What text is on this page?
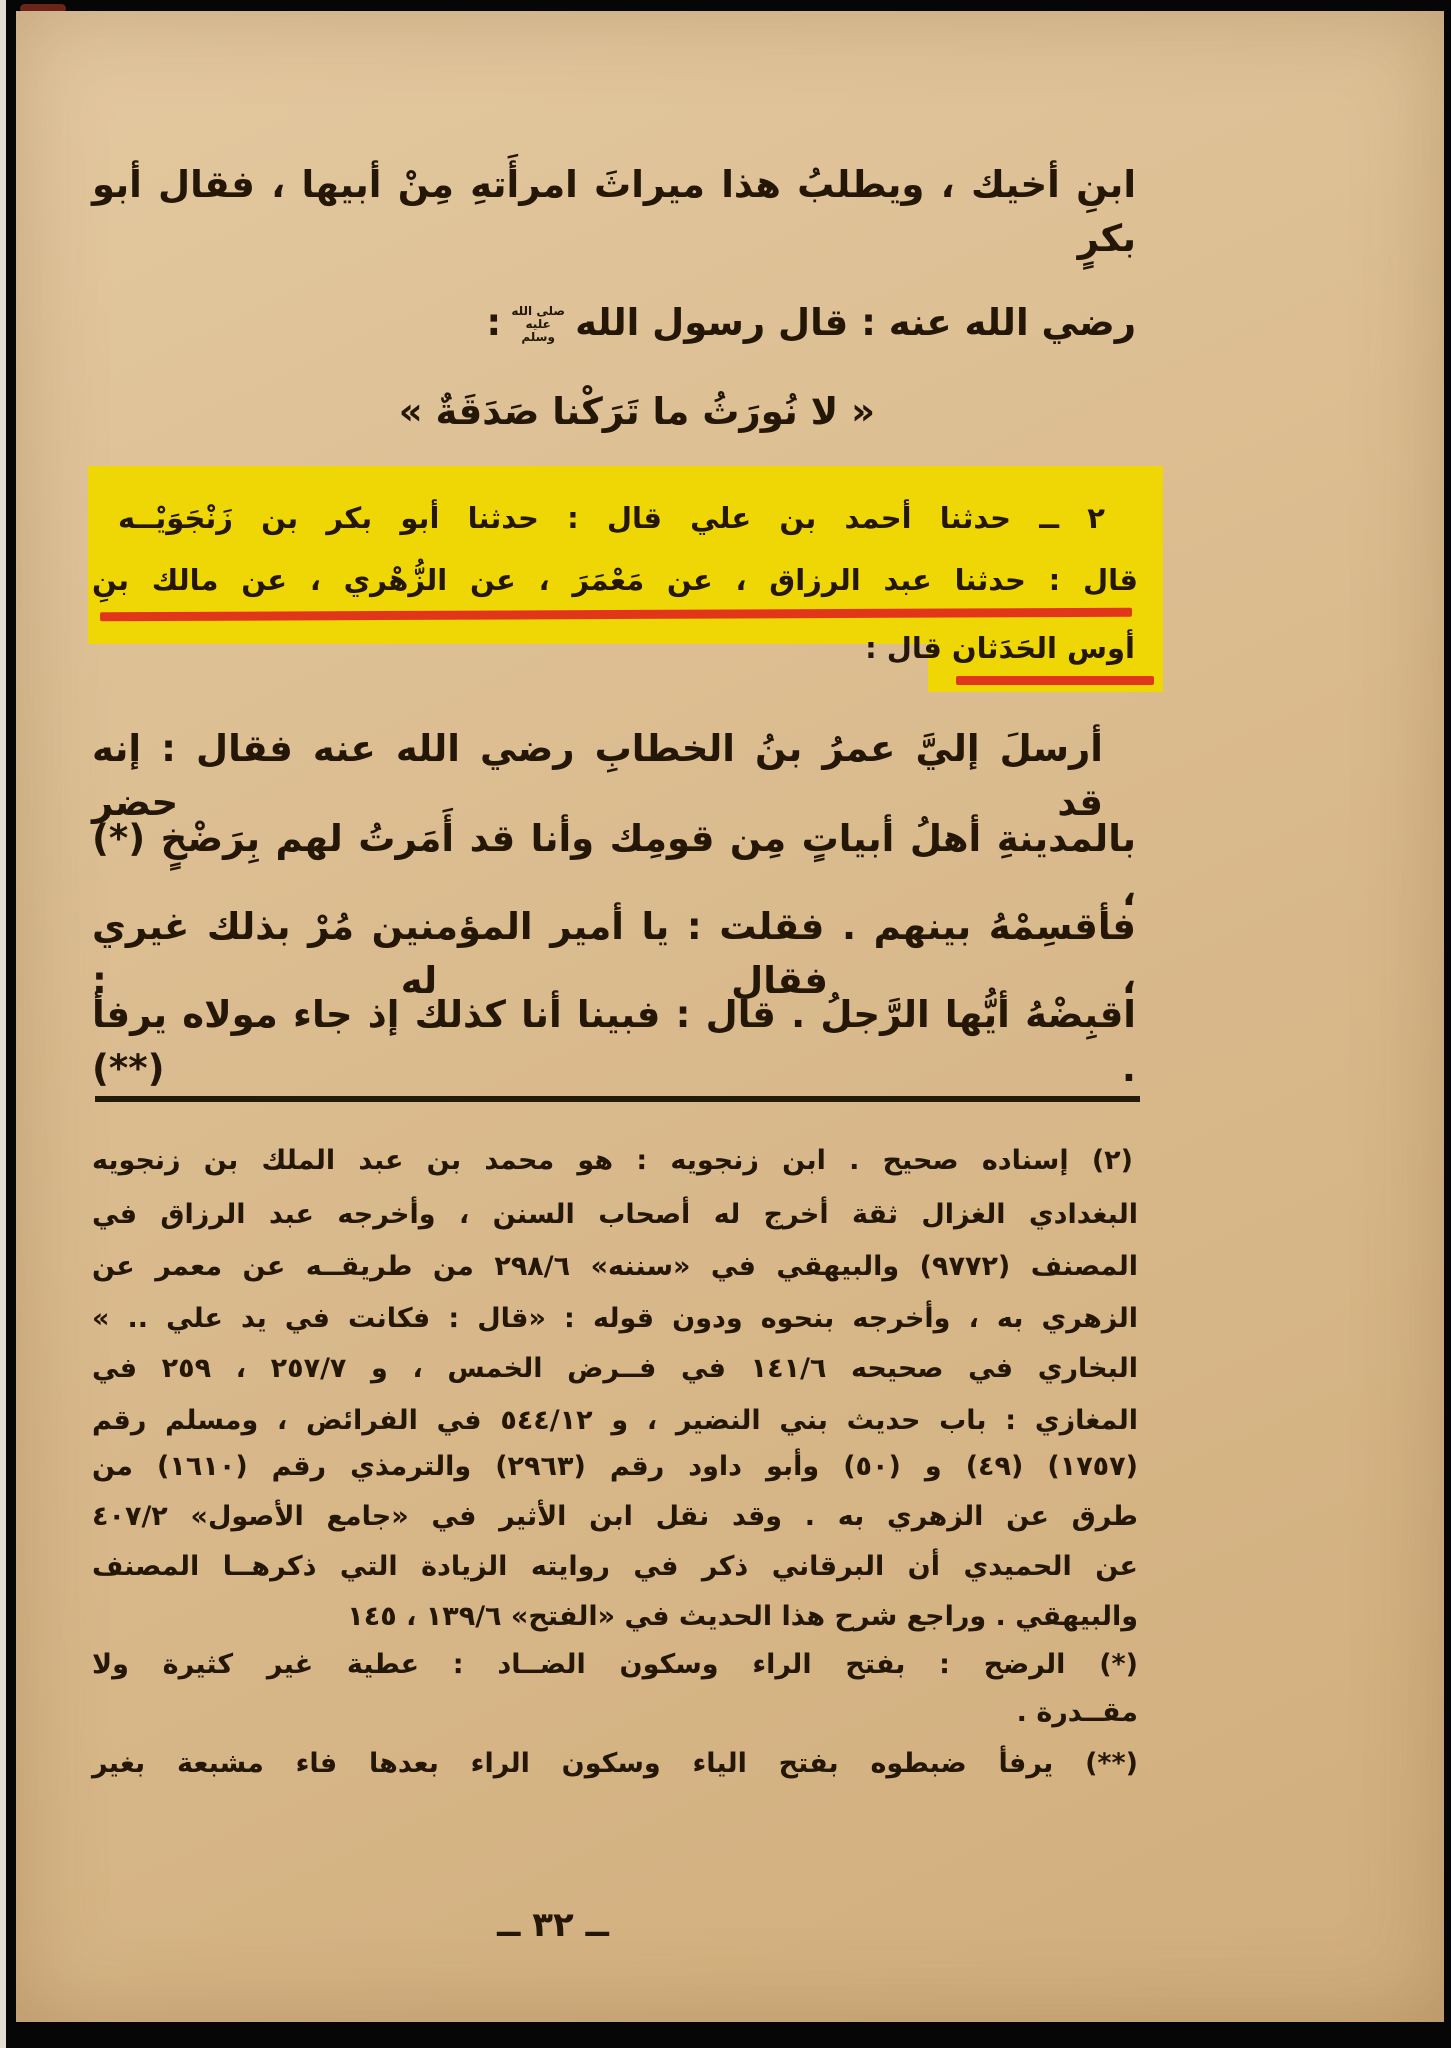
ابنِ أخيك ، ويطلبُ هذا ميراثَ امرأَتهِ مِنْ أبيها ، فقال أبو بكرٍ
رضي الله عنه : قال رسول اللهصلى الله عليه وسلم:
« لا نُورَثُ ما تَرَكْنا صَدَقَةٌ »
٢ ــ حدثنا أحمد بن علي قال : حدثنا أبو بكر بن زَنْجَوَيْــه
قال : حدثنا عبد الرزاق ، عن مَعْمَرَ ، عن الزُّهْري ، عن مالك بنِ
أوس الحَدَثان قال :
أرسلَ إليَّ عمرُ بنُ الخطابِ رضي الله عنه فقال : إنه قد حضر
بالمدينةِ أهلُ أبياتٍ مِن قومِك وأنا قد أَمَرتُ لهم بِرَضْخٍ (*) ،
فأقسِمْهُ بينهم . فقلت : يا أمير المؤمنين مُرْ بذلك غيري ، فقال له :
اقبِضْهُ أيُّها الرَّجلُ . قال : فبينا أنا كذلك إذ جاء مولاه يرفأ . (**)
(٢) إسناده صحيح . ابن زنجويه : هو محمد بن عبد الملك بن زنجويه
البغدادي الغزال ثقة أخرج له أصحاب السنن ، وأخرجه عبد الرزاق في
المصنف (٩٧٧٢) والبيهقي في «سننه» ٢٩٨/٦ من طريقــه عن معمر عن
الزهري به ، وأخرجه بنحوه ودون قوله : «قال : فكانت في يد علي .. »
البخاري في صحيحه ١٤١/٦ في فــرض الخمس ، و ٢٥٧/٧ ، ٢٥٩ في
المغازي : باب حديث بني النضير ، و ٥٤٤/١٢ في الفرائض ، ومسلم رقم
(١٧٥٧) (٤٩) و (٥٠) وأبو داود رقم (٢٩٦٣) والترمذي رقم (١٦١٠) من
طرق عن الزهري به . وقد نقل ابن الأثير في «جامع الأصول» ٤٠٧/٢
عن الحميدي أن البرقاني ذكر في روايته الزيادة التي ذكرهــا المصنف
والبيهقي . وراجع شرح هذا الحديث في «الفتح» ١٣٩/٦ ، ١٤٥
(*) الرضح : بفتح الراء وسكون الضــاد : عطية غير كثيرة ولا
مقــدرة .
(**) يرفأ ضبطوه بفتح الياء وسكون الراء بعدها فاء مشبعة بغير
ــ ٣٢ ــ
